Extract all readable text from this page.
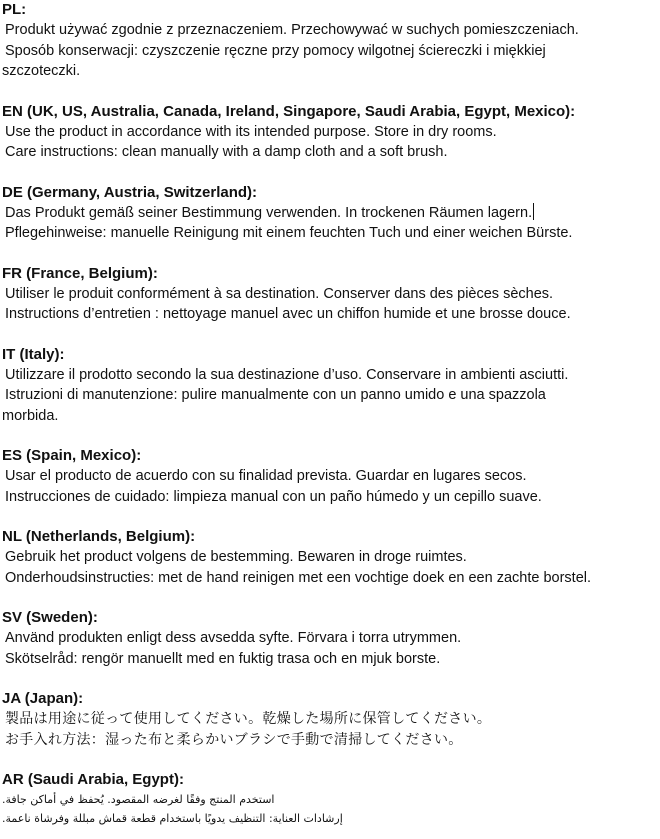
PL:
Produkt używać zgodnie z przeznaczeniem. Przechowywać w suchych pomieszczeniach.
Sposób konserwacji: czyszczenie ręczne przy pomocy wilgotnej ściereczki i miękkiej
szczoteczki.
EN (UK, US, Australia, Canada, Ireland, Singapore, Saudi Arabia, Egypt, Mexico):
Use the product in accordance with its intended purpose. Store in dry rooms.
Care instructions: clean manually with a damp cloth and a soft brush.
DE (Germany, Austria, Switzerland):
Das Produkt gemäß seiner Bestimmung verwenden. In trockenen Räumen lagern.
Pflegehinweise: manuelle Reinigung mit einem feuchten Tuch und einer weichen Bürste.
FR (France, Belgium):
Utiliser le produit conformément à sa destination. Conserver dans des pièces sèches.
Instructions d’entretien : nettoyage manuel avec un chiffon humide et une brosse douce.
IT (Italy):
Utilizzare il prodotto secondo la sua destinazione d’uso. Conservare in ambienti asciutti.
Istruzioni di manutenzione: pulire manualmente con un panno umido e una spazzola
morbida.
ES (Spain, Mexico):
Usar el producto de acuerdo con su finalidad prevista. Guardar en lugares secos.
Instrucciones de cuidado: limpieza manual con un paño húmedo y un cepillo suave.
NL (Netherlands, Belgium):
Gebruik het product volgens de bestemming. Bewaren in droge ruimtes.
Onderhoudsinstructies: met de hand reinigen met een vochtige doek en een zachte borstel.
SV (Sweden):
Använd produkten enligt dess avsedda syfte. Förvara i torra utrymmen.
Skötselråd: rengör manuellt med en fuktig trasa och en mjuk borste.
JA (Japan):
製品は用途に従って使用してください。乾燥した場所に保管してください。
お手入れ方法：湿った布と柔らかいブラシで手動で清掃してください。
AR (Saudi Arabia, Egypt):
استخدم المنتج وفقًا لغرضه المقصود. يُحفظ في أماكن جافة.
إرشادات العناية: التنظيف يدويًا باستخدام قطعة قماش مبللة وفرشاة ناعمة.
